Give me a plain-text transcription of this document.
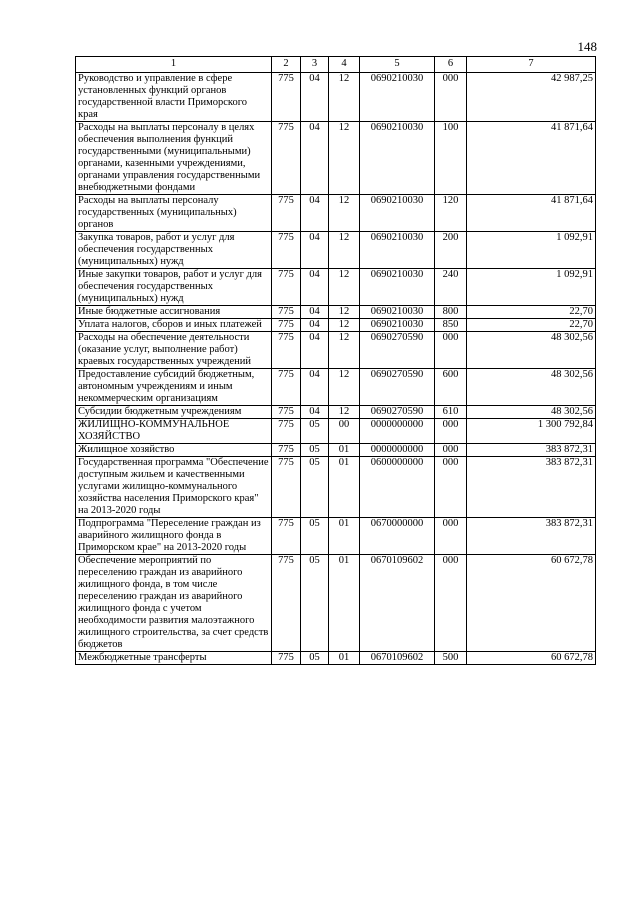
148
1	2	3	4	5	6	7
Руководство и управление в сфере установленных функций органов государственной власти Приморского края	775	04	12	0690210030	000	42 987,25
Расходы на выплаты персоналу в целях обеспечения выполнения функций государственными (муниципальными) органами, казенными учреждениями, органами управления государственными внебюджетными фондами	775	04	12	0690210030	100	41 871,64
Расходы на выплаты персоналу государственных (муниципальных) органов	775	04	12	0690210030	120	41 871,64
Закупка товаров, работ и услуг для обеспечения государственных (муниципальных) нужд	775	04	12	0690210030	200	1 092,91
Иные закупки товаров, работ и услуг для обеспечения государственных (муниципальных) нужд	775	04	12	0690210030	240	1 092,91
Иные бюджетные ассигнования	775	04	12	0690210030	800	22,70
Уплата налогов, сборов и иных платежей	775	04	12	0690210030	850	22,70
Расходы на обеспечение деятельности (оказание услуг, выполнение работ) краевых государственных учреждений	775	04	12	0690270590	000	48 302,56
Предоставление субсидий бюджетным, автономным учреждениям и иным некоммерческим организациям	775	04	12	0690270590	600	48 302,56
Субсидии бюджетным учреждениям	775	04	12	0690270590	610	48 302,56
ЖИЛИЩНО-КОММУНАЛЬНОЕ ХОЗЯЙСТВО	775	05	00	0000000000	000	1 300 792,84
Жилищное хозяйство	775	05	01	0000000000	000	383 872,31
Государственная программа "Обеспечение доступным жильем и качественными услугами жилищно-коммунального хозяйства населения Приморского края" на 2013-2020 годы	775	05	01	0600000000	000	383 872,31
Подпрограмма "Переселение граждан из аварийного жилищного фонда в Приморском крае" на 2013-2020 годы	775	05	01	0670000000	000	383 872,31
Обеспечение мероприятий по переселению граждан из аварийного жилищного фонда, в том числе переселению граждан из аварийного жилищного фонда с учетом необходимости развития малоэтажного жилищного строительства, за счет средств бюджетов	775	05	01	0670109602	000	60 672,78
Межбюджетные трансферты	775	05	01	0670109602	500	60 672,78
